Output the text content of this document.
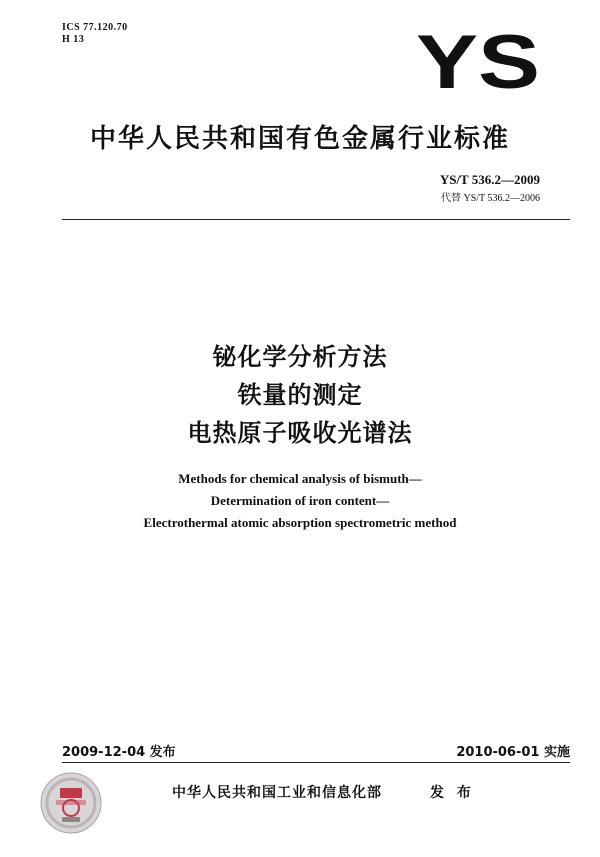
ICS 77.120.70
H 13	YS
中华人民共和国有色金属行业标准
YS/T 536.2—2009
代替 YS/T 536.2—2006
铋化学分析方法
铁量的测定
电热原子吸收光谱法
Methods for chemical analysis of bismuth—
Determination of iron content—
Electrothermal atomic absorption spectrometric method
2009-12-04 发布	2010-06-01 实施
中华人民共和国工业和信息化部	发 布
